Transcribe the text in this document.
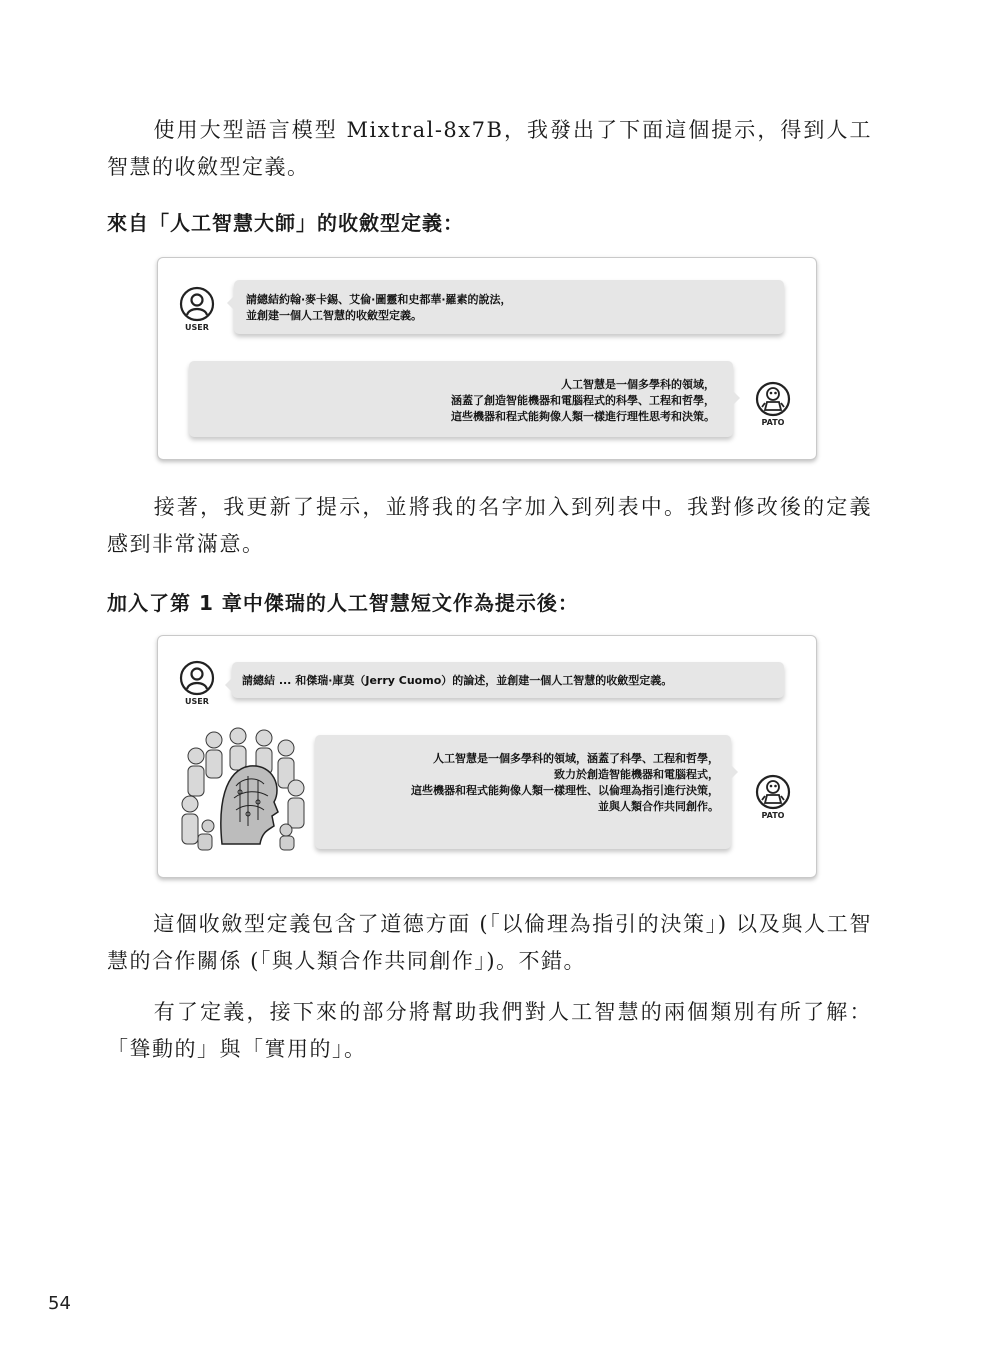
使用大型語言模型 Mixtral-8x7B，我發出了下面這個提示，得到人工智慧的收斂型定義。
來自「人工智慧大師」的收斂型定義：
USER
請總結約翰·麥卡錫、艾倫·圖靈和史都華·羅素的說法，
並創建一個人工智慧的收斂型定義。
人工智慧是一個多學科的領域，
涵蓋了創造智能機器和電腦程式的科學、工程和哲學，
這些機器和程式能夠像人類一樣進行理性思考和決策。	PATO
接著，我更新了提示，並將我的名字加入到列表中。我對修改後的定義感到非常滿意。
加入了第 1 章中傑瑞的人工智慧短文作為提示後：
USER
請總結 ... 和傑瑞·庫莫（Jerry Cuomo）的論述，並創建一個人工智慧的收斂型定義。
人工智慧是一個多學科的領域，涵蓋了科學、工程和哲學，
致力於創造智能機器和電腦程式，
這些機器和程式能夠像人類一樣理性、以倫理為指引進行決策，
並與人類合作共同創作。
PATO
這個收斂型定義包含了道德方面 (「以倫理為指引的決策」) 以及與人工智慧的合作關係 (「與人類合作共同創作」)。不錯。
有了定義，接下來的部分將幫助我們對人工智慧的兩個類別有所了解：「聳動的」與「實用的」。
54
